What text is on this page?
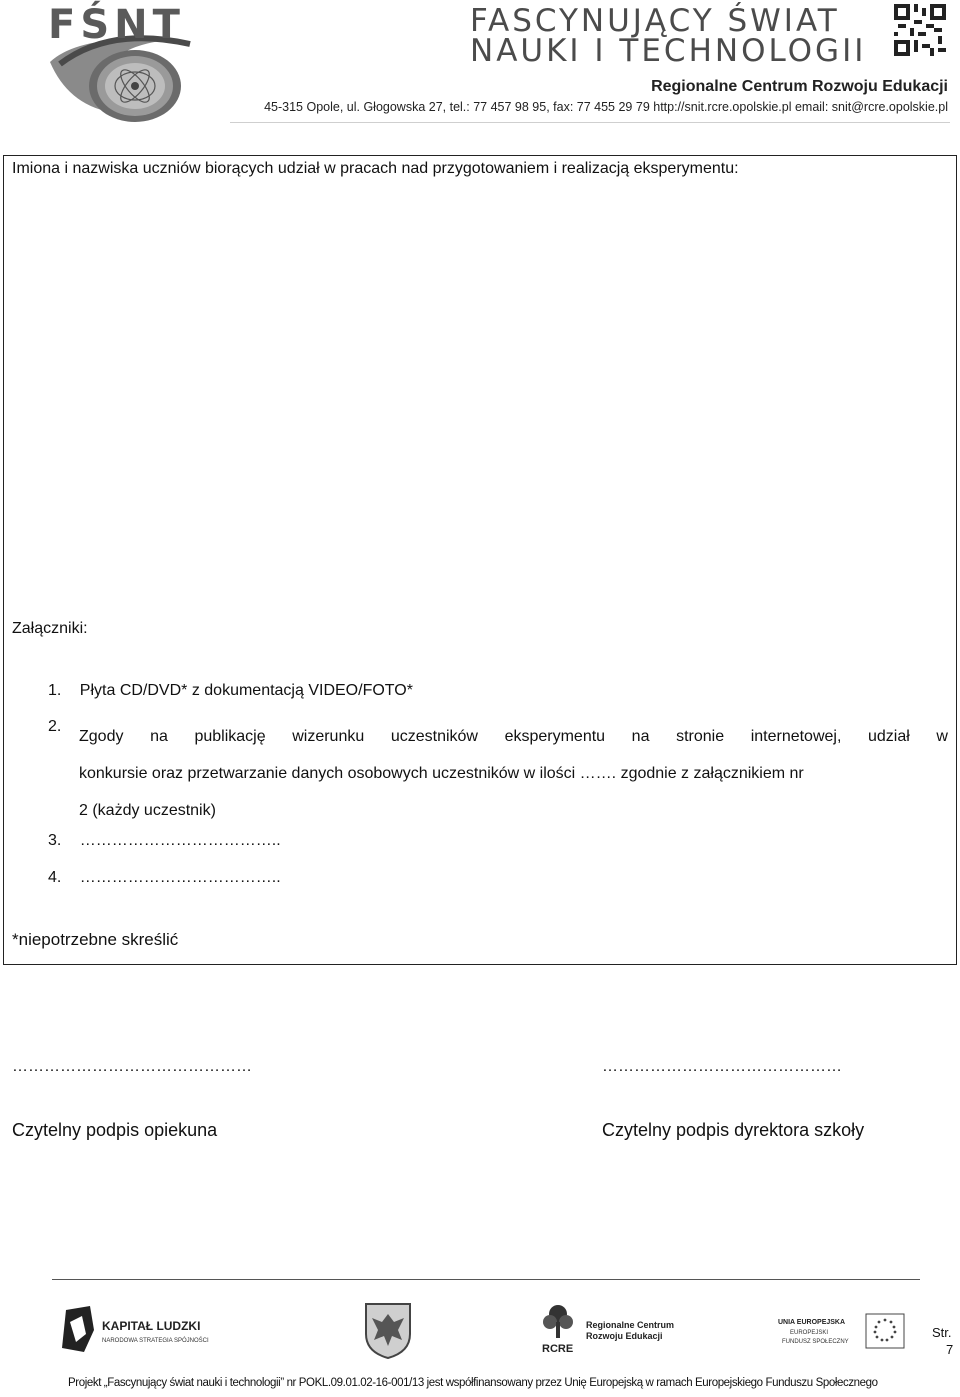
FŚNT	FASCYNUJĄCY ŚWIAT
NAUKI I TECHNOLOGII
Regionalne Centrum Rozwoju Edukacji
45-315 Opole, ul. Głogowska 27, tel.: 77 457 98 95, fax: 77 455 29 79 http://snit.rcre.opolskie.pl email: snit@rcre.opolskie.pl
Imiona i nazwiska uczniów biorących udział w pracach nad przygotowaniem i realizacją eksperymentu:
Załączniki:
1. Płyta CD/DVD* z dokumentacją VIDEO/FOTO*
2.
Zgody na publikację wizerunku uczestników eksperymentu na stronie internetowej, udział w
konkursie oraz przetwarzanie danych osobowych uczestników w ilości ……. zgodnie z załącznikiem nr
2 (każdy uczestnik)
3. ………………………………..
4. ………………………………..
*niepotrzebne skreślić
………………………………………	………………………………………
Czytelny podpis opiekuna	Czytelny podpis dyrektora szkoły
KAPITAŁ LUDZKI
NARODOWA STRATEGIA SPÓJNOŚCI
RCRE
Regionalne Centrum
Rozwoju Edukacji
UNIA EUROPEJSKA
EUROPEJSKI
FUNDUSZ SPOŁECZNY
Str.
7
Projekt „Fascynujący świat nauki i technologii” nr POKL.09.01.02-16-001/13 jest współfinansowany przez Unię Europejską w ramach Europejskiego Funduszu Społecznego
